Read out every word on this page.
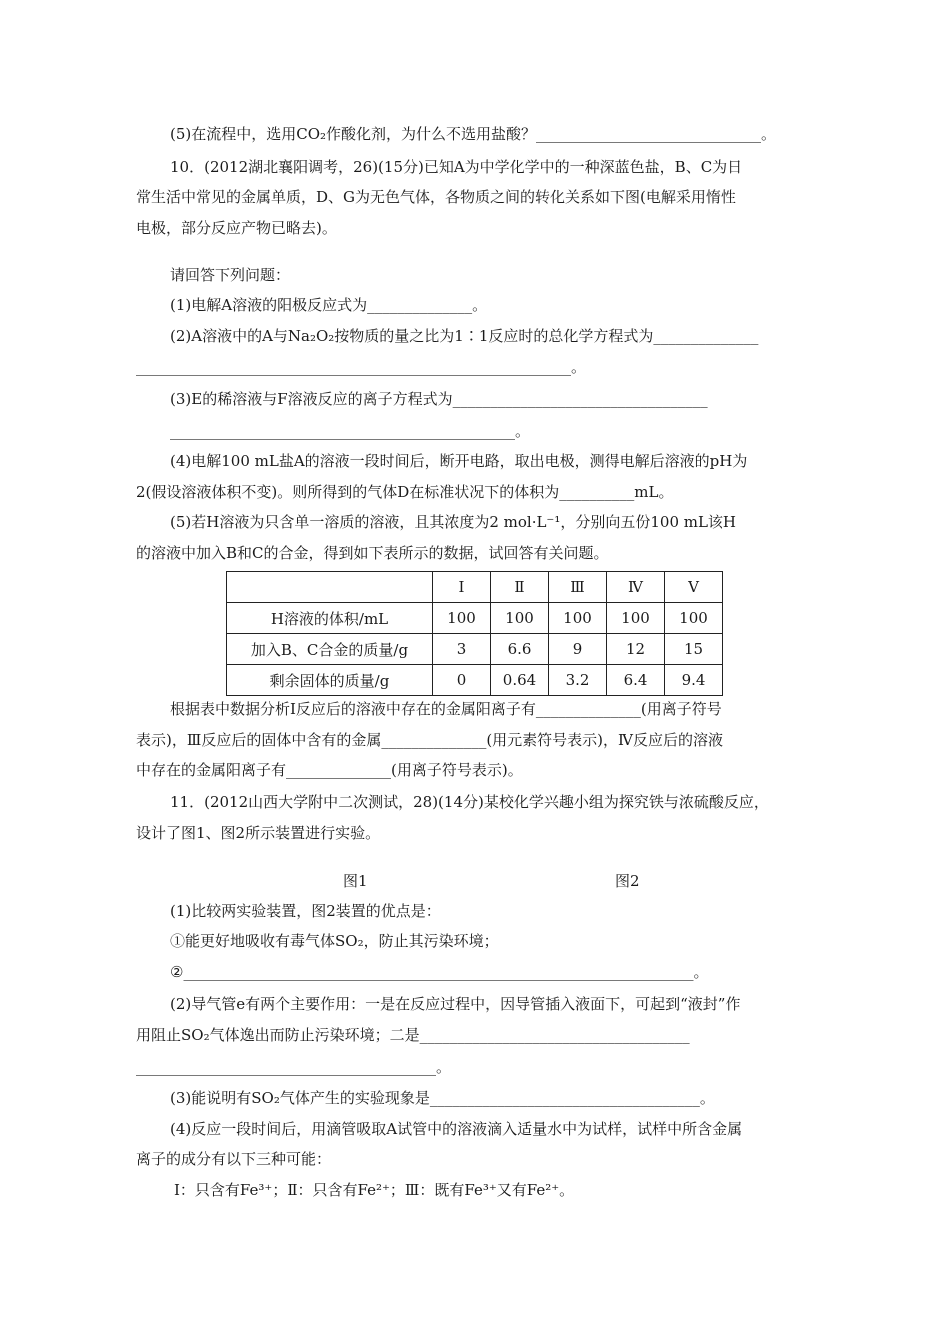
(5)在流程中，选用CO₂作酸化剂，为什么不选用盐酸？______________________________。
10．(2012湖北襄阳调考，26)(15分)已知A为中学化学中的一种深蓝色盐，B、C为日
常生活中常见的金属单质，D、G为无色气体，各物质之间的转化关系如下图(电解采用惰性
电极，部分反应产物已略去)。
请回答下列问题：
(1)电解A溶液的阳极反应式为______________。
(2)A溶液中的A与Na₂O₂按物质的量之比为1∶1反应时的总化学方程式为______________
__________________________________________________________。
(3)E的稀溶液与F溶液反应的离子方程式为__________________________________
______________________________________________。
(4)电解100 mL盐A的溶液一段时间后，断开电路，取出电极，测得电解后溶液的pH为
2(假设溶液体积不变)。则所得到的气体D在标准状况下的体积为__________mL。
(5)若H溶液为只含单一溶质的溶液，且其浓度为2 mol·L⁻¹，分别向五份100 mL该H
的溶液中加入B和C的合金，得到如下表所示的数据，试回答有关问题。
	Ⅰ	Ⅱ	Ⅲ	Ⅳ	Ⅴ
H溶液的体积/mL	100	100	100	100	100
加入B、C合金的质量/g	3	6.6	9	12	15
剩余固体的质量/g	0	0.64	3.2	6.4	9.4
根据表中数据分析Ⅰ反应后的溶液中存在的金属阳离子有______________(用离子符号
表示)，Ⅲ反应后的固体中含有的金属______________(用元素符号表示)，Ⅳ反应后的溶液
中存在的金属阳离子有______________(用离子符号表示)。
11．(2012山西大学附中二次测试，28)(14分)某校化学兴趣小组为探究铁与浓硫酸反应，
设计了图1、图2所示装置进行实验。
图1	图2
(1)比较两实验装置，图2装置的优点是：
①能更好地吸收有毒气体SO₂，防止其污染环境；
②____________________________________________________________________。
(2)导气管e有两个主要作用：一是在反应过程中，因导管插入液面下，可起到“液封”作
用阻止SO₂气体逸出而防止污染环境；二是____________________________________
________________________________________。
(3)能说明有SO₂气体产生的实验现象是____________________________________。
(4)反应一段时间后，用滴管吸取A试管中的溶液滴入适量水中为试样，试样中所含金属
离子的成分有以下三种可能：
Ⅰ：只含有Fe³⁺；Ⅱ：只含有Fe²⁺；Ⅲ：既有Fe³⁺又有Fe²⁺。
